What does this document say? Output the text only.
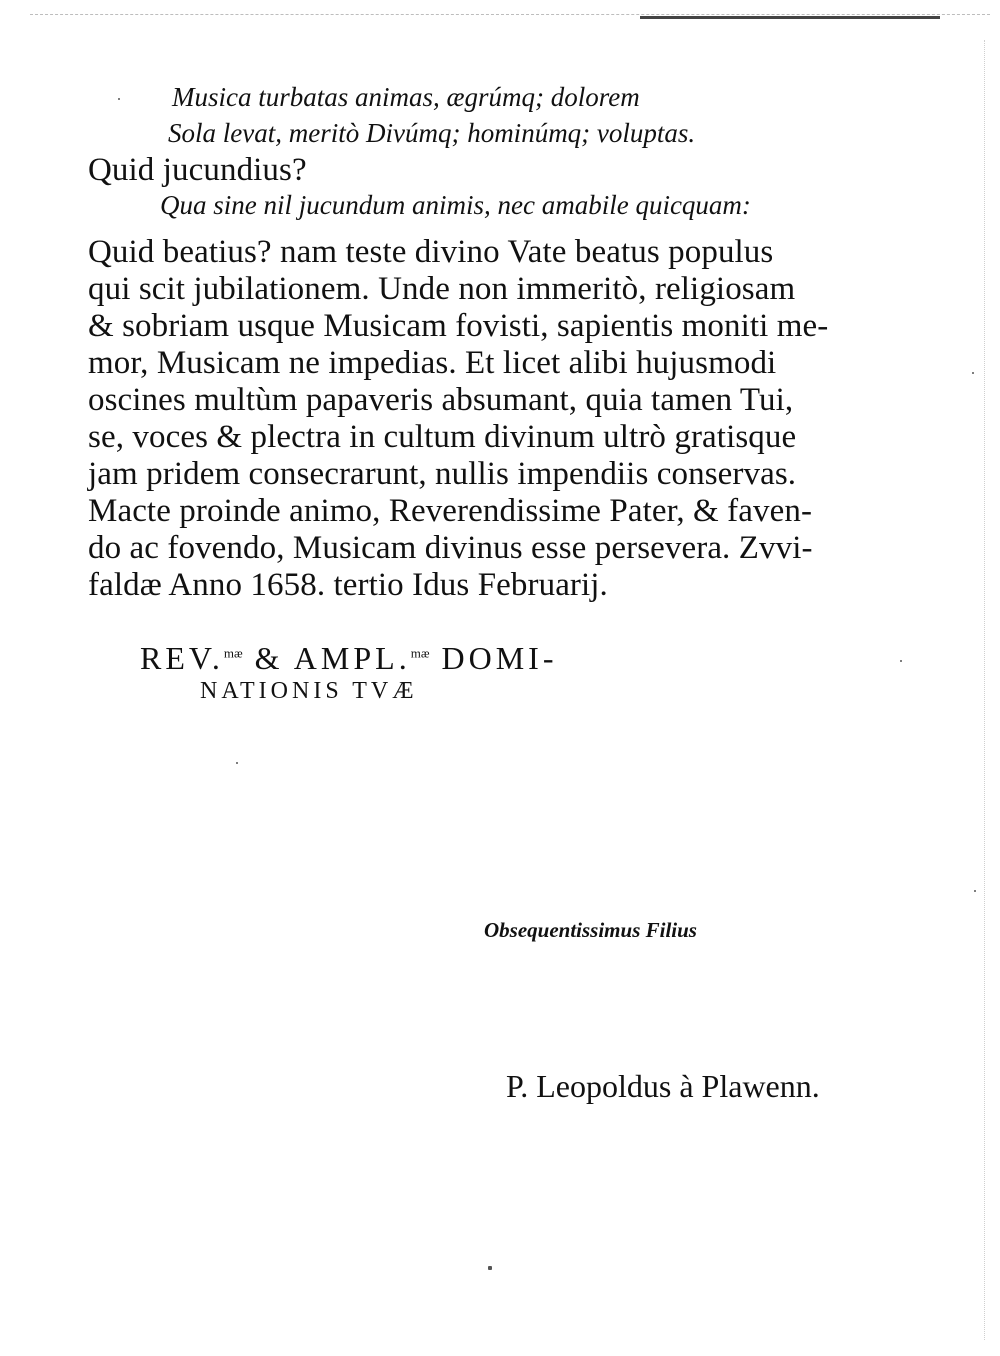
Musica turbatas animas, ægrúmq; dolorem
Sola levat, meritò Divúmq; hominúmq; voluptas.
Quid jucundius?
Qua sine nil jucundum animis, nec amabile quicquam:
Quid beatius? nam teste divino Vate beatus populus
qui scit jubilationem. Unde non immeritò, religiosam
& sobriam usque Musicam fovisti, sapientis moniti me-
mor, Musicam ne impedias. Et licet alibi hujusmodi
oscines multùm papaveris absumant, quia tamen Tui,
se, voces & plectra in cultum divinum ultrò gratisque
jam pridem consecrarunt, nullis impendiis conservas.
Macte proinde animo, Reverendissime Pater, & faven-
do ac fovendo, Musicam divinus esse persevera. Zvvi-
faldæ Anno 1658. tertio Idus Februarij.
REV.$^{mæ}$ & AMPL.$^{mæ}$ DOMI-
NATIONIS TVÆ
Obsequentissimus Filius
P. Leopoldus à Plawenn.
